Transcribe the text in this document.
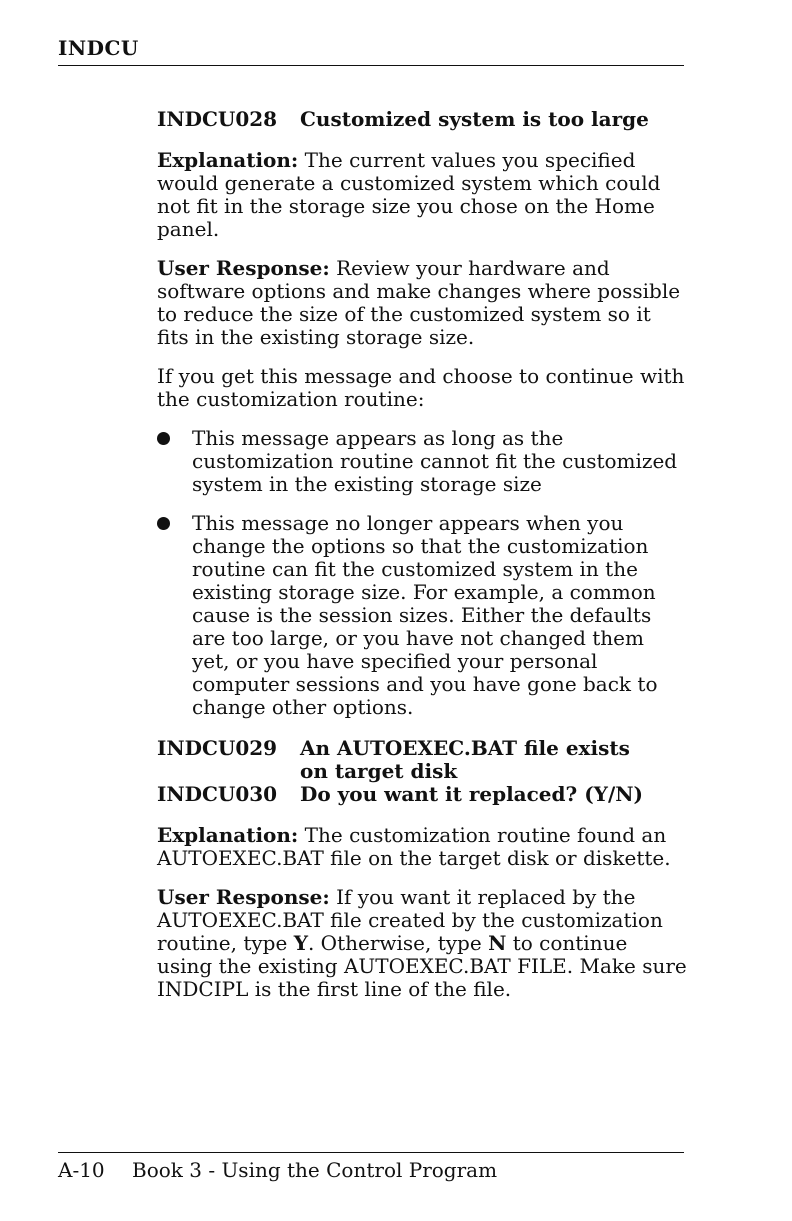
INDCU
INDCU028	Customized system is too large

Explanation: The current values you specified would generate a customized system which could not fit in the storage size you chose on the Home panel.

User Response: Review your hardware and software options and make changes where possible to reduce the size of the customized system so it fits in the existing storage size.

If you get this message and choose to continue with the customization routine:

This message appears as long as the customization routine cannot fit the customized system in the existing storage size
This message no longer appears when you change the options so that the customization routine can fit the customized system in the existing storage size. For example, a common cause is the session sizes. Either the defaults are too large, or you have not changed them yet, or you have specified your personal computer sessions and you have gone back to change other options.
INDCU029	An AUTOEXEC.BAT file exists
on target disk
INDCU030	Do you want it replaced? (Y/N)

Explanation: The customization routine found an AUTOEXEC.BAT file on the target disk or diskette.

User Response: If you want it replaced by the AUTOEXEC.BAT file created by the customization routine, type Y. Otherwise, type N to continue using the existing AUTOEXEC.BAT FILE. Make sure INDCIPL is the first line of the file.

A-10	Book 3 - Using the Control Program
